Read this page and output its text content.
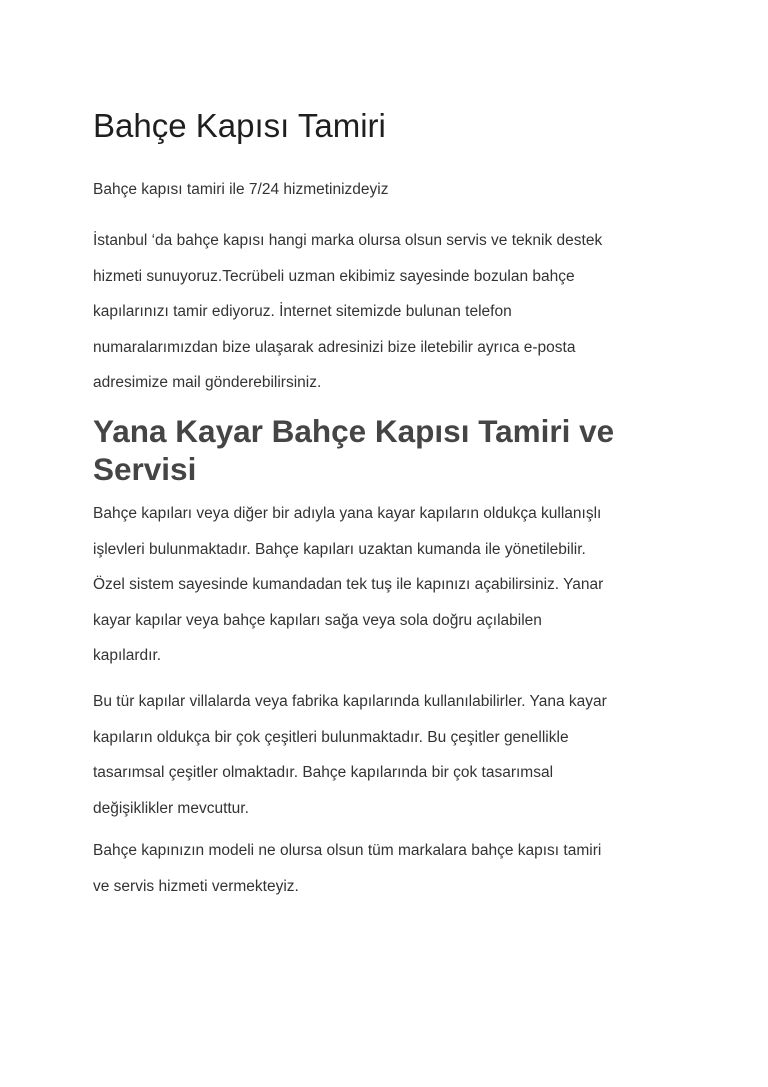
Bahçe Kapısı Tamiri

Bahçe kapısı tamiri ile 7/24 hizmetinizdeyiz

İstanbul ‘da bahçe kapısı hangi marka olursa olsun servis ve teknik destek
hizmeti sunuyoruz.Tecrübeli uzman ekibimiz sayesinde bozulan bahçe
kapılarınızı tamir ediyoruz. İnternet sitemizde bulunan telefon
numaralarımızdan bize ulaşarak adresinizi bize iletebilir ayrıca e-posta
adresimize mail gönderebilirsiniz.

Yana Kayar Bahçe Kapısı Tamiri ve
Servisi

Bahçe kapıları veya diğer bir adıyla yana kayar kapıların oldukça kullanışlı
işlevleri bulunmaktadır. Bahçe kapıları uzaktan kumanda ile yönetilebilir.
Özel sistem sayesinde kumandadan tek tuş ile kapınızı açabilirsiniz. Yanar
kayar kapılar veya bahçe kapıları sağa veya sola doğru açılabilen
kapılardır.

Bu tür kapılar villalarda veya fabrika kapılarında kullanılabilirler. Yana kayar
kapıların oldukça bir çok çeşitleri bulunmaktadır. Bu çeşitler genellikle
tasarımsal çeşitler olmaktadır. Bahçe kapılarında bir çok tasarımsal
değişiklikler mevcuttur.

Bahçe kapınızın modeli ne olursa olsun tüm markalara bahçe kapısı tamiri
ve servis hizmeti vermekteyiz.
